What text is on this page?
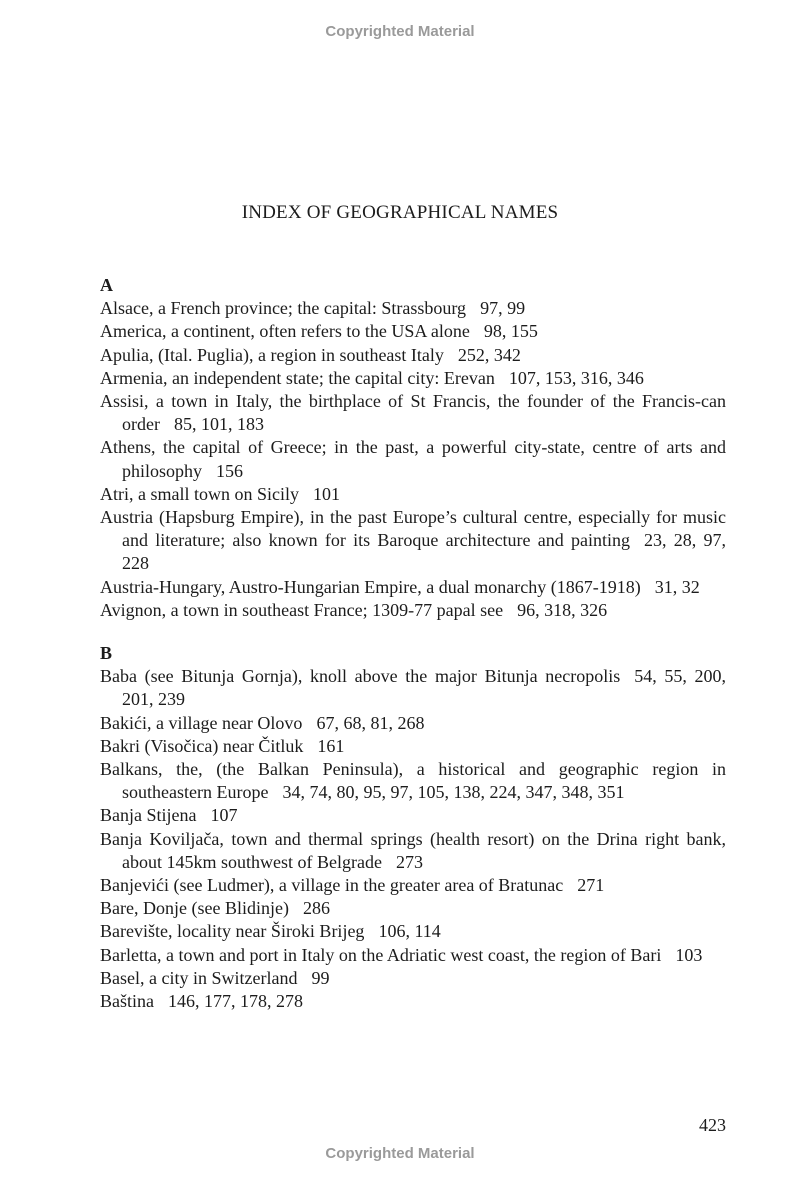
Copyrighted Material
INDEX OF GEOGRAPHICAL NAMES
A
Alsace, a French province; the capital: Strassbourg 97, 99
America, a continent, often refers to the USA alone 98, 155
Apulia, (Ital. Puglia), a region in southeast Italy 252, 342
Armenia, an independent state; the capital city: Erevan 107, 153, 316, 346
Assisi, a town in Italy, the birthplace of St Francis, the founder of the Francis-can order 85, 101, 183
Athens, the capital of Greece; in the past, a powerful city-state, centre of arts and philosophy 156
Atri, a small town on Sicily 101
Austria (Hapsburg Empire), in the past Europe’s cultural centre, especially for music and literature; also known for its Baroque architecture and painting 23, 28, 97, 228
Austria-Hungary, Austro-Hungarian Empire, a dual monarchy (1867-1918) 31, 32
Avignon, a town in southeast France; 1309-77 papal see 96, 318, 326
B
Baba (see Bitunja Gornja), knoll above the major Bitunja necropolis 54, 55, 200, 201, 239
Bakići, a village near Olovo 67, 68, 81, 268
Bakri (Visočica) near Čitluk 161
Balkans, the, (the Balkan Peninsula), a historical and geographic region in southeastern Europe 34, 74, 80, 95, 97, 105, 138, 224, 347, 348, 351
Banja Stijena 107
Banja Koviljača, town and thermal springs (health resort) on the Drina right bank, about 145km southwest of Belgrade 273
Banjevići (see Ludmer), a village in the greater area of Bratunac 271
Bare, Donje (see Blidinje) 286
Barevište, locality near Široki Brijeg 106, 114
Barletta, a town and port in Italy on the Adriatic west coast, the region of Bari 103
Basel, a city in Switzerland 99
Baština 146, 177, 178, 278
423
Copyrighted Material
